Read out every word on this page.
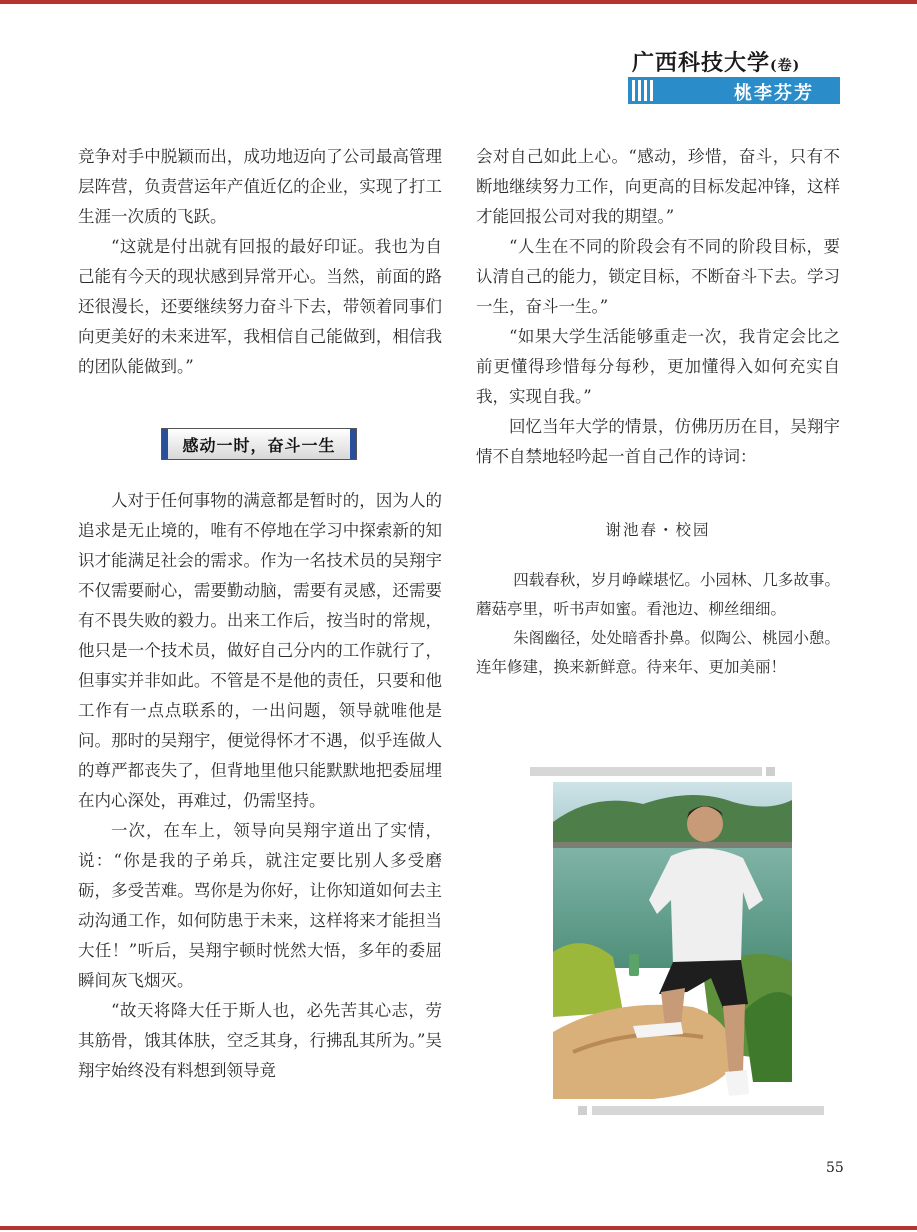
广西科技大学(卷)
桃李芬芳

竞争对手中脱颖而出，成功地迈向了公司最高管理层阵营，负责营运年产值近亿的企业，实现了打工生涯一次质的飞跃。

“这就是付出就有回报的最好印证。我也为自己能有今天的现状感到异常开心。当然，前面的路还很漫长，还要继续努力奋斗下去，带领着同事们向更美好的未来进军，我相信自己能做到，相信我的团队能做到。”

感动一时，奋斗一生

人对于任何事物的满意都是暂时的，因为人的追求是无止境的，唯有不停地在学习中探索新的知识才能满足社会的需求。作为一名技术员的吴翔宇不仅需要耐心，需要勤动脑，需要有灵感，还需要有不畏失败的毅力。出来工作后，按当时的常规，他只是一个技术员，做好自己分内的工作就行了，但事实并非如此。不管是不是他的责任，只要和他工作有一点点联系的，一出问题，领导就唯他是问。那时的吴翔宇，便觉得怀才不遇，似乎连做人的尊严都丧失了，但背地里他只能默默地把委屈埋在内心深处，再难过，仍需坚持。

一次，在车上，领导向吴翔宇道出了实情，说：“你是我的子弟兵，就注定要比别人多受磨砺，多受苦难。骂你是为你好，让你知道如何去主动沟通工作，如何防患于未来，这样将来才能担当大任！”听后，吴翔宇顿时恍然大悟，多年的委屈瞬间灰飞烟灭。

“故天将降大任于斯人也，必先苦其心志，劳其筋骨，饿其体肤，空乏其身，行拂乱其所为。”吴翔宇始终没有料想到领导竟

会对自己如此上心。“感动，珍惜，奋斗，只有不断地继续努力工作，向更高的目标发起冲锋，这样才能回报公司对我的期望。”

“人生在不同的阶段会有不同的阶段目标，要认清自己的能力，锁定目标，不断奋斗下去。学习一生，奋斗一生。”

“如果大学生活能够重走一次，我肯定会比之前更懂得珍惜每分每秒，更加懂得入如何充实自我，实现自我。”

回忆当年大学的情景，仿佛历历在目，吴翔宇情不自禁地轻吟起一首自己作的诗词：

谢池春・校园

四载春秋，岁月峥嵘堪忆。小园林、几多故事。蘑菇亭里，听书声如蜜。看池边、柳丝细细。

朱阁幽径，处处暗香扑鼻。似陶公、桃园小憩。连年修建，换来新鲜意。待来年、更加美丽！

55
